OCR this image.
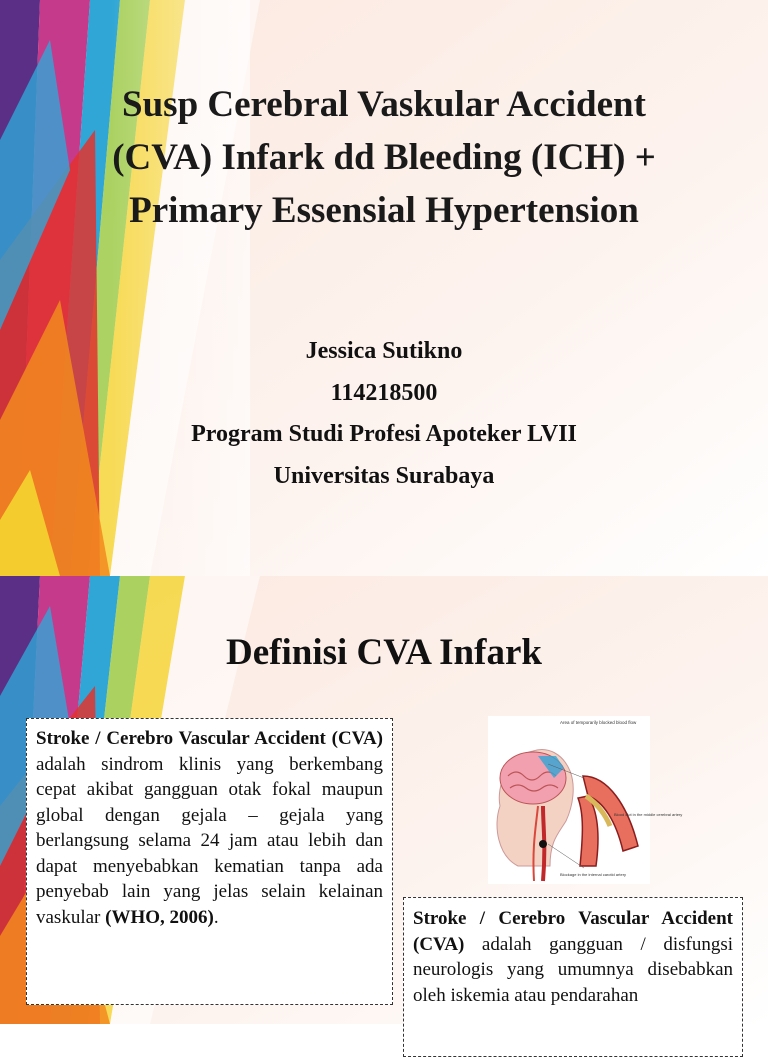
Susp Cerebral Vaskular Accident
(CVA) Infark dd Bleeding (ICH) +
Primary Essensial Hypertension
Jessica Sutikno
114218500
Program Studi Profesi Apoteker LVII
Universitas Surabaya
Definisi CVA Infark
Stroke / Cerebro Vascular Accident (CVA) adalah sindrom klinis yang berkembang cepat akibat gangguan otak fokal maupun global dengan gejala – gejala yang berlangsung selama 24 jam atau lebih dan dapat menyebabkan kematian tanpa ada penyebab lain yang jelas selain kelainan vaskular (WHO, 2006).
Area of temporarily blocked blood flow
Blood clot in the middle cerebral artery
Blockage in the internal carotid artery
Stroke / Cerebro Vascular Accident (CVA) adalah gangguan / disfungsi neurologis yang umumnya disebabkan oleh iskemia atau pendarahan
